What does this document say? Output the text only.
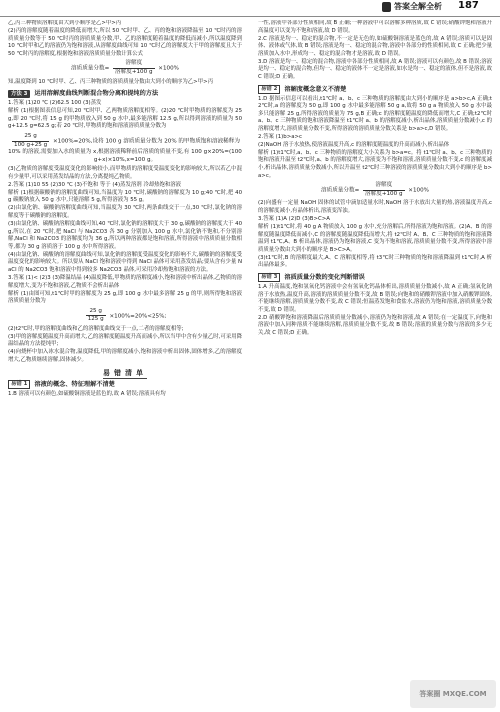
答案全解全析 187

乙,丙三种物质溶解度由大到小顺序是乙>甲>丙

(2)丙的溶解度随着温度的降低而增大,所以 50 ℃时甲、乙、丙的饱和溶液降温至 10 ℃时丙的溶质质量分数等于 50 ℃时丙的溶质质量分数,甲、乙的溶解度随着温度的降低而减小,所以温度降到 10 ℃时甲和乙的溶液仍为饱和溶液,从溶解度曲线可知 10 ℃时乙的溶解度大于甲的溶解度且大于 50 ℃时丙的溶解度,根据饱和溶液溶质质量分数计算公式

溶质质量分数= $\frac{\text{溶解度}}{\text{溶解度+100 g}} \times 100\%$

知,温度降到 10 ℃时甲、乙、丙三种物质的溶质质量分数由大到小的顺序为乙>甲>丙

方法 3	运用溶解度曲线判断混合物分离和提纯的方法

1.答案 (1)20 ℃ (2)62.5 100 (3)蒸发

解析 (1)根据图表信息可知,20 ℃时甲、乙两物质溶解度相等。(2)20 ℃时甲物质的溶解度为 25 g,即 20 ℃时,将 15 g 的甲物质放入到 50 g 水中,最多能溶解 12.5 g,所以得到溶液的质量为 50 g+12.5 g=62.5 g;若 20 ℃时,甲物质的饱和溶液溶质质量分数为

$\frac{25 g}{100 g+25 g} \times 100\%=20\%$,设将 100 g 溶质质量分数为 20% 的甲物质饱和溶液稀释为 10% 的溶液,需要加入水的质量为 x,根据溶液稀释前后溶质的质量不变,有 100 g×20%=(100 g+x)×10%,x=100 g。

(3)乙物质的溶解度受温度变化的影响较小,而甲物质的溶解度受温度变化的影响较大,所以若乙中混有少量甲,可以采用蒸发结晶的方法,分离提纯乙物质。

2.答案 (1)10 55 (2)30 ℃ (3)不饱和 等于 (4)蒸发溶剂 冷却热饱和溶液

解析 (1)根据碳酸钠的溶解度曲线可知,当温度为 10 ℃时,碳酸钠的溶解度为 10 g;40 ℃时,把 40 g 碳酸钠放入 50 g 水中,只能溶解 5 g,所得溶液为 55 g。

(2)由氯化钠、碳酸钠溶解度曲线可知,当温度为 30 ℃时,两条曲线交于一点,30 ℃时,氯化钠的溶解度等于碳酸钠的溶解度。

(3)由氯化钠、碳酸钠溶解度曲线可知,40 ℃时,氯化钠的溶解度大于 30 g,碳酸钠的溶解度大于 40 g,所以,在 20 ℃时,把 NaCl 与 Na2CO3 各 30 g 分别加入 100 g 水中,氯化钠不饱和,不分别溶解,NaCl 和 Na2CO3 的溶解度均为 36 g,所以两种溶液都是饱和溶液,所得溶液中溶质质量分数相等,都为 30 g 溶质溶于 100 g 水中所得溶液。

(4)由氯化钠、碳酸钠的溶解度曲线可知,氯化钠的溶解度受温度变化的影响不大,碳酸钠的溶解度受温度变化的影响较大。所以要从 NaCl 饱和溶液中得到 NaCl 晶体可采用蒸发结晶;要从含有少量 NaCl 的 Na2CO3 饱和溶液中得到较多 Na2CO3 晶体,可采用冷却热饱和溶液的方法。

3.答案 (1)< (2)3 (3)降温结晶 (4)温度降低,甲物质的溶解度减小,饱和溶液中析出晶体,乙物质的溶解度增大,变为不饱和溶液,乙物质不会析出晶体

解析 (1)由图可知,t1℃时甲的溶解度为 25 g,即 100 g 水中最多溶解 25 g 的甲,则所得饱和溶液溶质质量分数为

$\frac{25 g}{125 g} \times 100\%=20\%<25\%$;

(2)t2℃时,甲的溶解度曲线和乙的溶解度曲线交于一点,二者的溶解度相等;

(3)甲的溶解度随温度升高而增大,乙的溶解度随温度升高而减小,所以当甲中含有少量乙时,可采用降温结晶的方法提纯甲;

(4)向烧杯中加入冰水混合物,温度降低,甲的溶解度减小,饱和溶液中析出固体,固体增多,乙的溶解度增大,乙物质继续溶解,固体减少。

易错清单
易错 1	溶液的概念、特征理解不清楚

1.B 溶液可以有颜色,如硫酸铜溶液是蓝色的,故 A 错误;溶液具有均

一性,溶液中各部分性质相同,故 B 正确;一种溶液中可以溶解多种溶质,故 C 错误;硝酸钾饱和溶液升高温度可以变为不饱和溶液,故 D 错误。

2.C 溶液是均一、稳定的混合物,不一定是无色的,如硫酸铜溶液是蓝色的,故 A 错误;溶质可以是固体、液体或气体,故 B 错误;溶液是均一、稳定的混合物,溶液中各部分的性质相同,故 C 正确;把少量溶质加入水中,形成均一、稳定的混合物才是溶液,故 D 错误。

3.D 溶液是均一、稳定的混合物,溶液中各部分性质相同,故 A 错误;溶液可以有颜色,故 B 错误;溶液是均一、稳定的混合物,但均一、稳定的液体不一定是溶液,如水是均一、稳定的液体,但不是溶液,故 C 错误;D 正确。

易错 2	溶解度概念意义不清楚

1.D 据图示信息可以看出,t1℃时 a、b、c 三种物质的溶解度由大到小的顺序是 a>b>c,A 正确;t2℃时,a 的溶解度为 50 g,即 100 g 水中最多能溶解 50 g a,故将 50 g a 物质放入 50 g 水中最多只能溶解 25 g,所得溶液的质量为 75 g,B 正确;c 的溶解度随温度的降低而增大,C 正确;t2℃时 a、b、c 三种物质的饱和溶液降温至 t1℃时 a、b 的溶解度减小,析出晶体,溶质质量分数减小,c 的溶解度增大,溶质质量分数不变,所得溶液的溶质质量分数关系是 b>a>c,D 错误。

2.答案 (1)b>a>c

(2)NaOH 溶于水放热,使溶液温度升高,c 的溶解度随温度的升高而减小,析出晶体

解析 (1)t1℃时,a、b、c 三种物质的溶解度大小关系为 b>a=c。将 t1℃时 a、b、c 三种物质的饱和溶液升温至 t2℃时,a、b 的溶解度增大,溶液变为不饱和溶液,溶质质量分数不变,c 的溶解度减小,析出晶体,溶质质量分数减小,所以升温至 t2℃时三种溶液的溶质质量分数由大到小的顺序是 b>a>c。

溶质质量分数= $\frac{\text{溶解度}}{\text{溶解度+100 g}} \times 100\%$

(2)向盛有一定量 NaOH 固体的试管中滴加适量水时,NaOH 溶于水放出大量的热,溶液温度升高,c 的溶解度减小,有晶体析出,溶液变浑浊。

3.答案 (1)A (2)D (3)B>C>A

解析 (1)t1℃时,将 40 g A 物质放入 100 g 水中,充分溶解后,所得溶液为饱和溶液。(2)A、B 的溶解度随温度降低而减小,C 的溶解度随温度降低而增大,将 t2℃时 A、B、C 三种物质的饱和溶液降温到 t1℃,A、B 析出晶体,溶液仍为饱和溶液,C 变为不饱和溶液,溶质质量分数不变,所得溶液中溶质质量分数由大到小的顺序是 B>C>A。

(3)t1℃时,B 的溶解度最大,A、C 溶解度相等,将 t3℃时三种物质的饱和溶液降温到 t1℃时,A 析出晶体最多。

易错 3	溶质质量分数的变化判断错误

1.A 升高温度,饱和氢氧化钙溶液中会有氢氧化钙晶体析出,溶质质量分数减小,故 A 正确;氢氧化钠溶于水放热,温度升高,溶液的溶质质量分数不变,故 B 错误;向饱和的硝酸钾溶液中加入硝酸钾固体,不能继续溶解,溶质质量分数不变,故 C 错误;恒温蒸发饱和食盐水,溶液仍为饱和溶液,溶质质量分数不变,故 D 错误。

2.D 硝酸钾饱和溶液降温后溶质质量分数减小,溶液仍为饱和溶液,故 A 错误;在一定温度下,向饱和溶液中加入同种溶质不能继续溶解,溶质质量分数不变,故 B 错误;溶液的质量分数与溶液的多少无关,故 C 错误;D 正确。

答案圈 MXQE.COM
